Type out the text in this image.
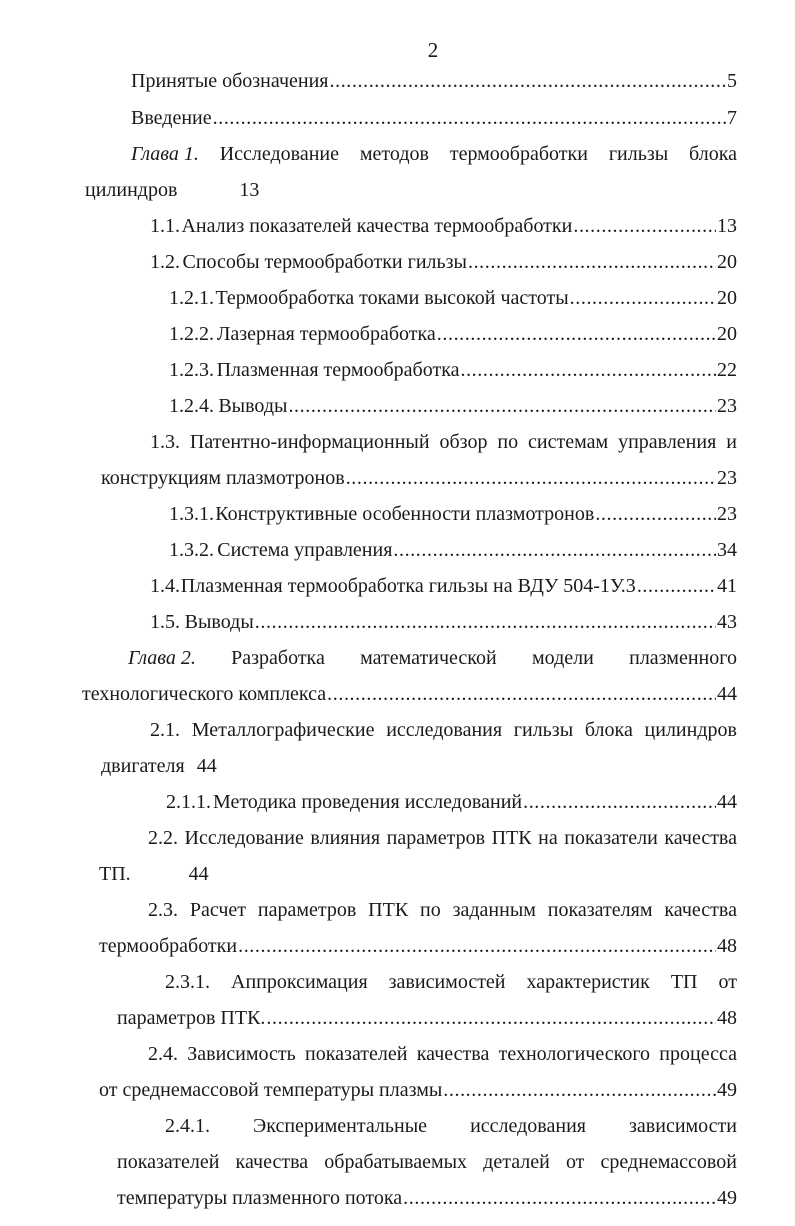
2
Принятые обозначения .....	5
Введение .....	7
Глава 1. Исследование методов термообработки гильзы блока
цилиндров	13
1.1. Анализ показателей качества термообработки .....	13
1.2. Способы термообработки гильзы .....	20
1.2.1. Термообработка токами высокой частоты .....	20
1.2.2. Лазерная термообработка .....	20
1.2.3. Плазменная термообработка .....	22
1.2.4. Выводы .....	23
1.3. Патентно-информационный обзор по системам управления и
конструкциям плазмотронов .....	23
1.3.1. Конструктивные особенности плазмотронов .....	23
1.3.2. Система управления .....	34
1.4. Плазменная термообработка гильзы на ВДУ 504-1У.3 .....	41
1.5. Выводы .....	43
Глава 2. Разработка математической модели плазменного
технологического комплекса .....	44
2.1. Металлографические исследования гильзы блока цилиндров
двигателя 44
2.1.1. Методика проведения исследований .....	44
2.2. Исследование влияния параметров ПТК на показатели качества
ТП.	44
2.3. Расчет параметров ПТК по заданным показателям качества
термообработки .....	48
2.3.1. Аппроксимация зависимостей характеристик ТП от
параметров ПТК. .....	48
2.4. Зависимость показателей качества технологического процесса
от среднемассовой температуры плазмы .....	49
2.4.1. Экспериментальные исследования зависимости
показателей качества обрабатываемых деталей от среднемассовой
температуры плазменного потока .....	49
